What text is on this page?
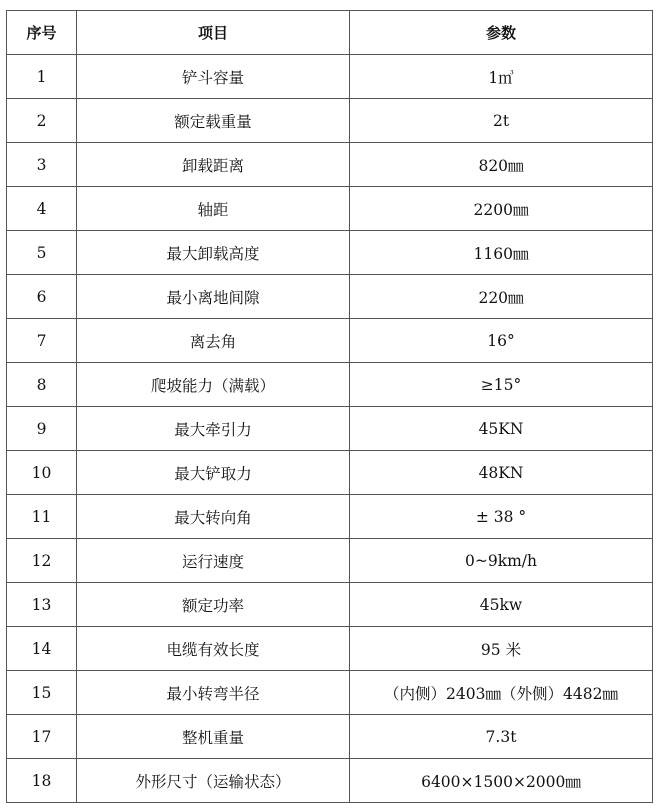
序号	项目	参数
1	铲斗容量	1㎥
2	额定载重量	2t
3	卸载距离	820㎜
4	轴距	2200㎜
5	最大卸载高度	1160㎜
6	最小离地间隙	220㎜
7	离去角	16°
8	爬坡能力（满载）	≥15°
9	最大牵引力	45KN
10	最大铲取力	48KN
11	最大转向角	± 38 °
12	运行速度	0~9km/h
13	额定功率	45kw
14	电缆有效长度	95 米
15	最小转弯半径	（内侧）2403㎜（外侧）4482㎜
17	整机重量	7.3t
18	外形尺寸（运输状态）	6400×1500×2000㎜
